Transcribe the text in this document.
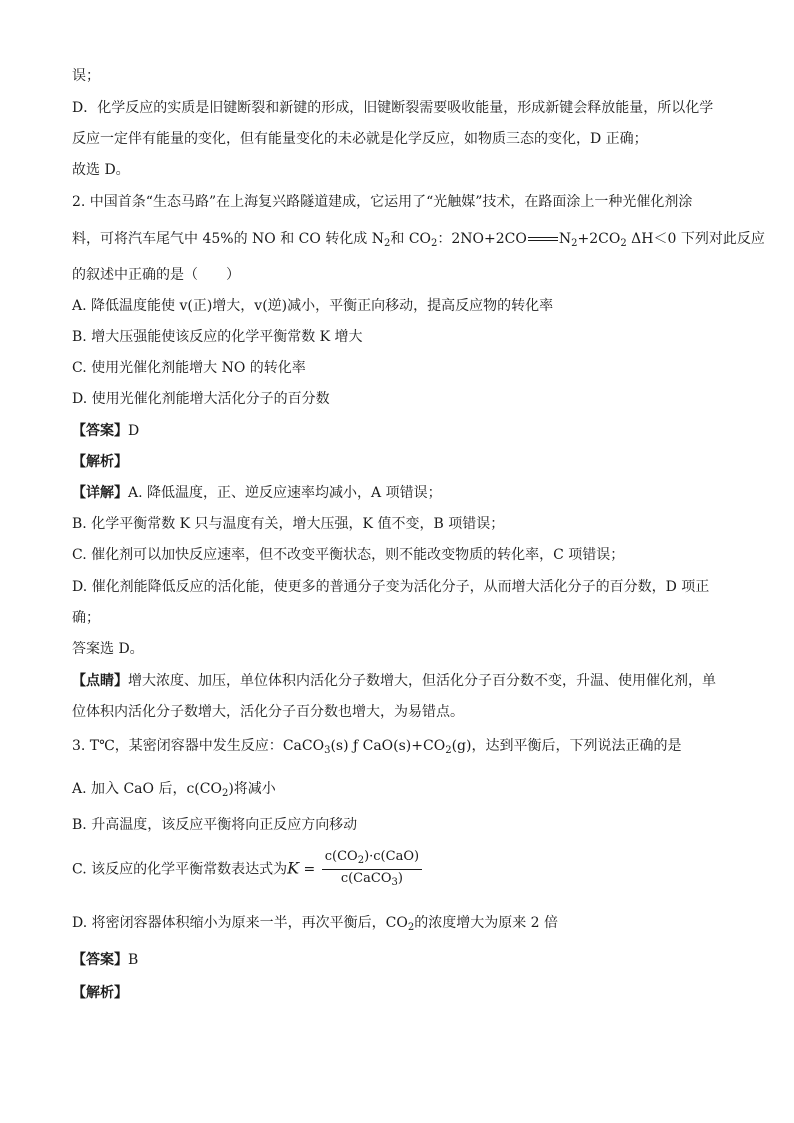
误；
D．化学反应的实质是旧键断裂和新键的形成，旧键断裂需要吸收能量，形成新键会释放能量，所以化学
反应一定伴有能量的变化，但有能量变化的未必就是化学反应，如物质三态的变化，D 正确；
故选 D。
2. 中国首条“生态马路”在上海复兴路隧道建成，它运用了“光触媒”技术，在路面涂上一种光催化剂涂
料，可将汽车尾气中 45%的 NO 和 CO 转化成 $N_2$和 $CO_2$：2NO+2CO $N_2+2CO_2$ ΔH＜0 下列对此反应
的叙述中正确的是（　　）
A. 降低温度能使 v(正)增大，v(逆)减小，平衡正向移动，提高反应物的转化率
B. 增大压强能使该反应的化学平衡常数 K 增大
C. 使用光催化剂能增大 NO 的转化率
D. 使用光催化剂能增大活化分子的百分数
【答案】D
【解析】
【详解】A. 降低温度，正、逆反应速率均减小，A 项错误；
B. 化学平衡常数 K 只与温度有关，增大压强，K 值不变，B 项错误；
C. 催化剂可以加快反应速率，但不改变平衡状态，则不能改变物质的转化率，C 项错误；
D. 催化剂能降低反应的活化能，使更多的普通分子变为活化分子，从而增大活化分子的百分数，D 项正
确；
答案选 D。
【点睛】增大浓度、加压，单位体积内活化分子数增大，但活化分子百分数不变，升温、使用催化剂，单
位体积内活化分子数增大，活化分子百分数也增大，为易错点。
3. T℃，某密闭容器中发生反应：CaCO$_3$(s) ƒ $CaO(s)+CO_2(g)$，达到平衡后，下列说法正确的是
A. 加入 CaO 后，$c(CO_2)$将减小
B. 升高温度，该反应平衡将向正反应方向移动
C. 该反应的化学平衡常数表达式为$K = \frac{c(CO_2)\cdot c(CaO)}{c(CaCO_3)}$
D. 将密闭容器体积缩小为原来一半，再次平衡后，$CO_2$的浓度增大为原来 2 倍
【答案】B
【解析】
